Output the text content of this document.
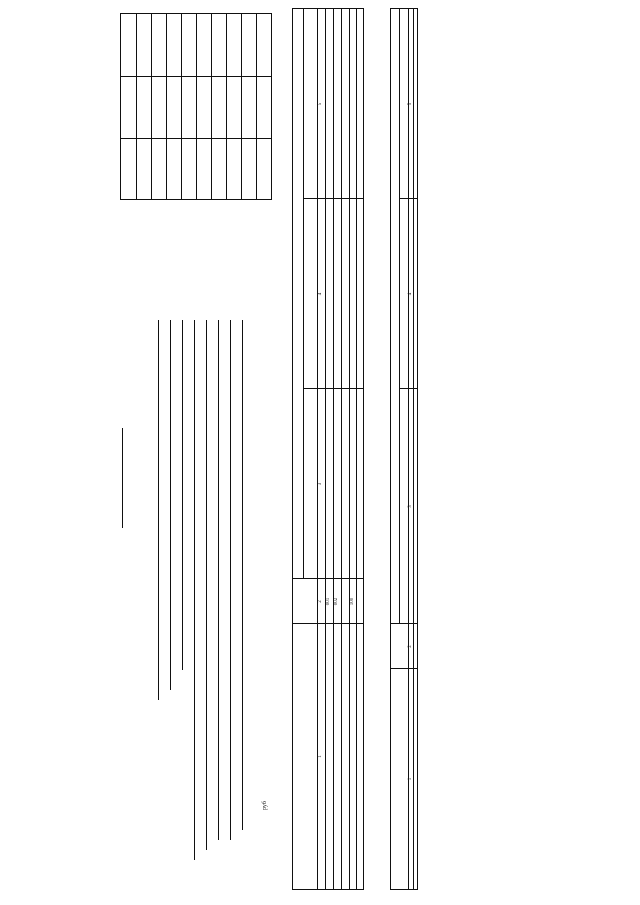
руб
1
2
3
4
5
001 002 100
1
2
3
4
5
